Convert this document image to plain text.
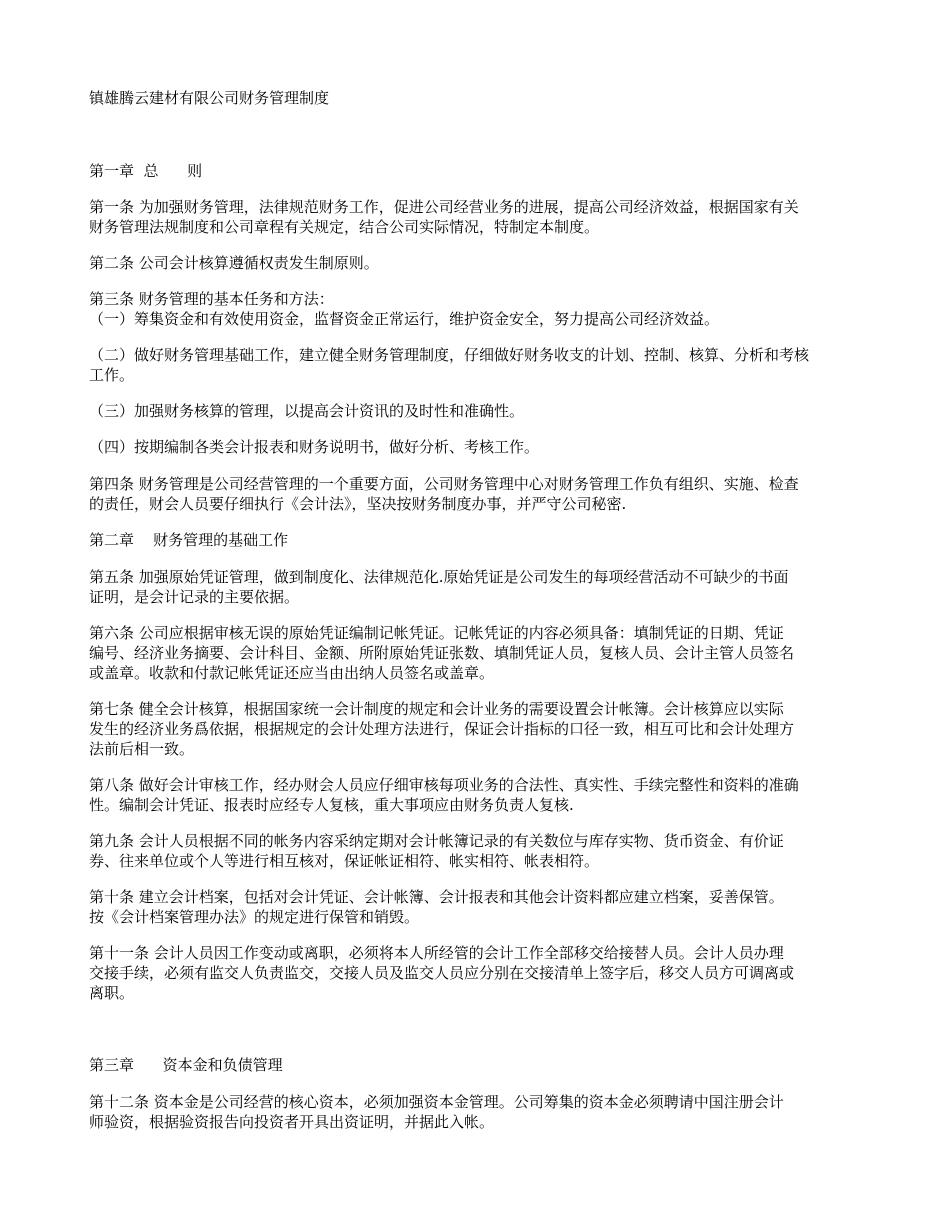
镇雄腾云建材有限公司财务管理制度
第一章  总      则
第一条 为加强财务管理，法律规范财务工作，促进公司经营业务的进展，提高公司经济效益，根据国家有关
财务管理法规制度和公司章程有关规定，结合公司实际情况，特制定本制度。
第二条 公司会计核算遵循权责发生制原则。
第三条 财务管理的基本任务和方法：
（一）筹集资金和有效使用资金，监督资金正常运行，维护资金安全，努力提高公司经济效益。
（二）做好财务管理基础工作，建立健全财务管理制度，仔细做好财务收支的计划、控制、核算、分析和考核
工作。
（三）加强财务核算的管理，以提高会计资讯的及时性和准确性。
（四）按期编制各类会计报表和财务说明书，做好分析、考核工作。
第四条 财务管理是公司经营管理的一个重要方面，公司财务管理中心对财务管理工作负有组织、实施、检查
的责任，财会人员要仔细执行《会计法》，坚决按财务制度办事，并严守公司秘密.
第二章    财务管理的基础工作
第五条 加强原始凭证管理，做到制度化、法律规范化.原始凭证是公司发生的每项经营活动不可缺少的书面
证明，是会计记录的主要依据。
第六条 公司应根据审核无误的原始凭证编制记帐凭证。记帐凭证的内容必须具备：填制凭证的日期、凭证
编号、经济业务摘要、会计科目、金额、所附原始凭证张数、填制凭证人员，复核人员、会计主管人员签名
或盖章。收款和付款记帐凭证还应当由出纳人员签名或盖章。
第七条 健全会计核算，根据国家统一会计制度的规定和会计业务的需要设置会计帐簿。会计核算应以实际
发生的经济业务爲依据，根据规定的会计处理方法进行，保证会计指标的口径一致，相互可比和会计处理方
法前后相一致。
第八条 做好会计审核工作，经办财会人员应仔细审核每项业务的合法性、真实性、手续完整性和资料的准确
性。编制会计凭证、报表时应经专人复核，重大事项应由财务负责人复核.
第九条 会计人员根据不同的帐务内容采纳定期对会计帐簿记录的有关数位与库存实物、货币资金、有价证
券、往来单位或个人等进行相互核对，保证帐证相符、帐实相符、帐表相符。
第十条 建立会计档案，包括对会计凭证、会计帐簿、会计报表和其他会计资料都应建立档案，妥善保管。
按《会计档案管理办法》的规定进行保管和销毁。
第十一条 会计人员因工作变动或离职，必须将本人所经管的会计工作全部移交给接替人员。会计人员办理
交接手续，必须有监交人负责监交，交接人员及监交人员应分别在交接清单上签字后，移交人员方可调离或
离职。
第三章      资本金和负债管理
第十二条 资本金是公司经营的核心资本，必须加强资本金管理。公司筹集的资本金必须聘请中国注册会计
师验资，根据验资报告向投资者开具出资证明，并据此入帐。
